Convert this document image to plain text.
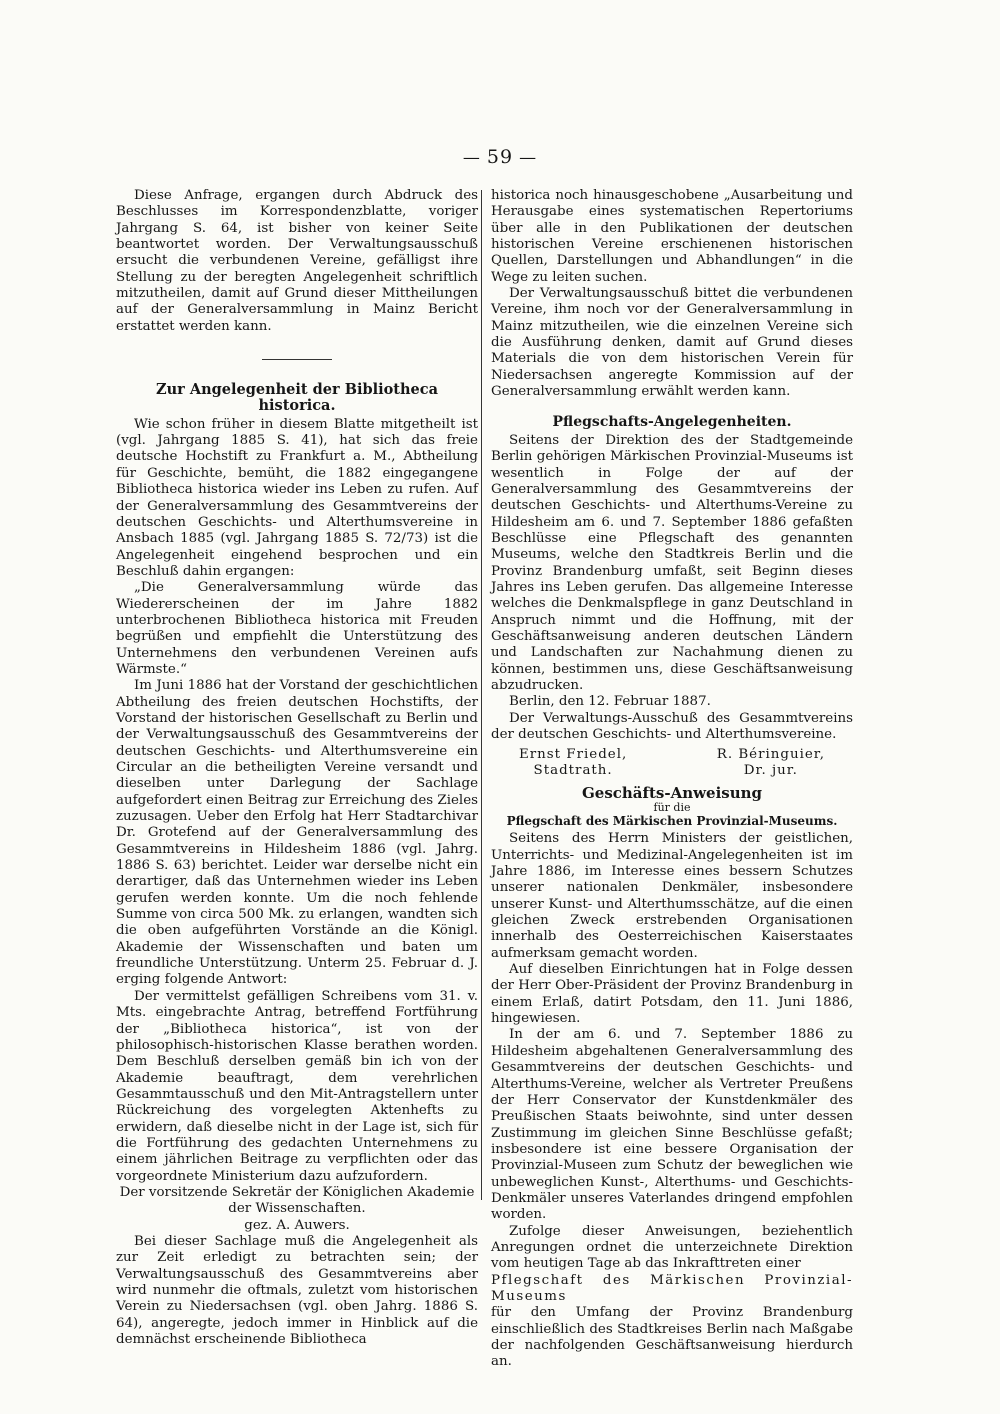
— 59 —

Diese Anfrage, ergangen durch Abdruck des Beschlusses im Korrespondenzblatte, voriger Jahrgang S. 64, ist bisher von keiner Seite beantwortet worden. Der Verwaltungsausschuß ersucht die verbundenen Vereine, gefälligst ihre Stellung zu der beregten Angelegenheit schriftlich mitzutheilen, damit auf Grund dieser Mittheilungen auf der Generalversammlung in Mainz Bericht erstattet werden kann.

Zur Angelegenheit der Bibliotheca historica.

Wie schon früher in diesem Blatte mitgetheilt ist (vgl. Jahrgang 1885 S. 41), hat sich das freie deutsche Hochstift zu Frankfurt a. M., Abtheilung für Geschichte, bemüht, die 1882 eingegangene Bibliotheca historica wieder ins Leben zu rufen. Auf der Generalversammlung des Gesammtvereins der deutschen Geschichts- und Alterthumsvereine in Ansbach 1885 (vgl. Jahrgang 1885 S. 72/73) ist die Angelegenheit eingehend besprochen und ein Beschluß dahin ergangen:

„Die Generalversammlung würde das Wiedererscheinen der im Jahre 1882 unterbrochenen Bibliotheca historica mit Freuden begrüßen und empfiehlt die Unterstützung des Unternehmens den verbundenen Vereinen aufs Wärmste.“

Im Juni 1886 hat der Vorstand der geschichtlichen Abtheilung des freien deutschen Hochstifts, der Vorstand der historischen Gesellschaft zu Berlin und der Verwaltungsausschuß des Gesammtvereins der deutschen Geschichts- und Alterthumsvereine ein Circular an die betheiligten Vereine versandt und dieselben unter Darlegung der Sachlage aufgefordert einen Beitrag zur Erreichung des Zieles zuzusagen. Ueber den Erfolg hat Herr Stadtarchivar Dr. Grotefend auf der Generalversammlung des Gesammtvereins in Hildesheim 1886 (vgl. Jahrg. 1886 S. 63) berichtet. Leider war derselbe nicht ein derartiger, daß das Unternehmen wieder ins Leben gerufen werden konnte. Um die noch fehlende Summe von circa 500 Mk. zu erlangen, wandten sich die oben aufgeführten Vorstände an die Königl. Akademie der Wissenschaften und baten um freundliche Unterstützung. Unterm 25. Februar d. J. erging folgende Antwort:

Der vermittelst gefälligen Schreibens vom 31. v. Mts. eingebrachte Antrag, betreffend Fortführung der „Bibliotheca historica“, ist von der philosophisch-historischen Klasse berathen worden. Dem Beschluß derselben gemäß bin ich von der Akademie beauftragt, dem verehrlichen Gesammtausschuß und den Mit-Antragstellern unter Rückreichung des vorgelegten Aktenhefts zu erwidern, daß dieselbe nicht in der Lage ist, sich für die Fortführung des gedachten Unternehmens zu einem jährlichen Beitrage zu verpflichten oder das vorgeordnete Ministerium dazu aufzufordern.

Der vorsitzende Sekretär der Königlichen Akademie der Wissenschaften.

gez. A. Auwers.

Bei dieser Sachlage muß die Angelegenheit als zur Zeit erledigt zu betrachten sein; der Verwaltungsausschuß des Gesammtvereins aber wird nunmehr die oftmals, zuletzt vom historischen Verein zu Niedersachsen (vgl. oben Jahrg. 1886 S. 64), angeregte, jedoch immer in Hinblick auf die demnächst erscheinende Bibliotheca

historica noch hinausgeschobene „Ausarbeitung und Herausgabe eines systematischen Repertoriums über alle in den Publikationen der deutschen historischen Vereine erschienenen historischen Quellen, Darstellungen und Abhandlungen“ in die Wege zu leiten suchen.

Der Verwaltungsausschuß bittet die verbundenen Vereine, ihm noch vor der Generalversammlung in Mainz mitzutheilen, wie die einzelnen Vereine sich die Ausführung denken, damit auf Grund dieses Materials die von dem historischen Verein für Niedersachsen angeregte Kommission auf der Generalversammlung erwählt werden kann.

Pflegschafts-Angelegenheiten.

Seitens der Direktion des der Stadtgemeinde Berlin gehörigen Märkischen Provinzial-Museums ist wesentlich in Folge der auf der Generalversammlung des Gesammtvereins der deutschen Geschichts- und Alterthums-Vereine zu Hildesheim am 6. und 7. September 1886 gefaßten Beschlüsse eine Pflegschaft des genannten Museums, welche den Stadtkreis Berlin und die Provinz Brandenburg umfaßt, seit Beginn dieses Jahres ins Leben gerufen. Das allgemeine Interesse welches die Denkmalspflege in ganz Deutschland in Anspruch nimmt und die Hoffnung, mit der Geschäftsanweisung anderen deutschen Ländern und Landschaften zur Nachahmung dienen zu können, bestimmen uns, diese Geschäftsanweisung abzudrucken.

Berlin, den 12. Februar 1887.

Der Verwaltungs-Ausschuß des Gesammtvereins der deutschen Geschichts- und Alterthumsvereine.

Ernst Friedel,
Stadtrath.
R. Béringuier,
Dr. jur.
Geschäfts-Anweisung
für die
Pflegschaft des Märkischen Provinzial-Museums.

Seitens des Herrn Ministers der geistlichen, Unterrichts- und Medizinal-Angelegenheiten ist im Jahre 1886, im Interesse eines bessern Schutzes unserer nationalen Denkmäler, insbesondere unserer Kunst- und Alterthumsschätze, auf die einen gleichen Zweck erstrebenden Organisationen innerhalb des Oesterreichischen Kaiserstaates aufmerksam gemacht worden.

Auf dieselben Einrichtungen hat in Folge dessen der Herr Ober-Präsident der Provinz Brandenburg in einem Erlaß, datirt Potsdam, den 11. Juni 1886, hingewiesen.

In der am 6. und 7. September 1886 zu Hildesheim abgehaltenen Generalversammlung des Gesammtvereins der deutschen Geschichts- und Alterthums-Vereine, welcher als Vertreter Preußens der Herr Conservator der Kunstdenkmäler des Preußischen Staats beiwohnte, sind unter dessen Zustimmung im gleichen Sinne Beschlüsse gefaßt; insbesondere ist eine bessere Organisation der Provinzial-Museen zum Schutz der beweglichen wie unbeweglichen Kunst-, Alterthums- und Geschichts-Denkmäler unseres Vaterlandes dringend empfohlen worden.

Zufolge dieser Anweisungen, beziehentlich Anregungen ordnet die unterzeichnete Direktion vom heutigen Tage ab das Inkrafttreten einer

Pflegschaft des Märkischen Provinzial-Museums

für den Umfang der Provinz Brandenburg einschließlich des Stadtkreises Berlin nach Maßgabe der nachfolgenden Geschäftsanweisung hierdurch an.
